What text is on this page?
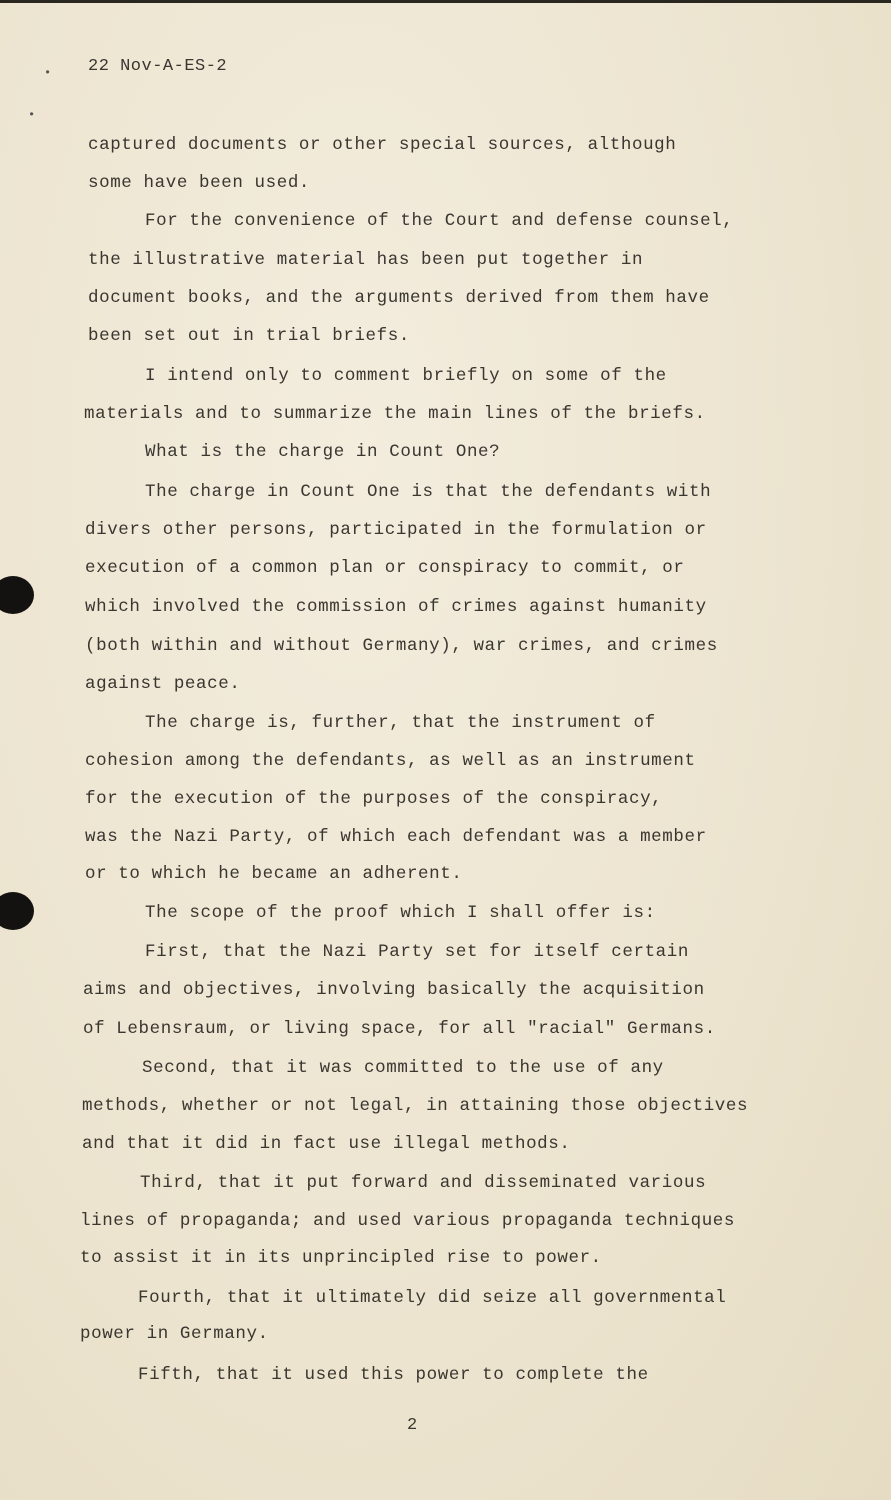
•
•
22 Nov-A-ES-2
captured documents or other special sources, although
some have been used.
For the convenience of the Court and defense counsel,
the illustrative material has been put together in
document books, and the arguments derived from them have
been set out in trial briefs.
I intend only to comment briefly on some of the
materials and to summarize the main lines of the briefs.
What is the charge in Count One?
The charge in Count One is that the defendants with
divers other persons, participated in the formulation or
execution of a common plan or conspiracy to commit, or
which involved the commission of crimes against humanity
(both within and without Germany), war crimes, and crimes
against peace.
The charge is, further, that the instrument of
cohesion among the defendants, as well as an instrument
for the execution of the purposes of the conspiracy,
was the Nazi Party, of which each defendant was a member
or to which he became an adherent.
The scope of the proof which I shall offer is:
First, that the Nazi Party set for itself certain
aims and objectives, involving basically the acquisition
of Lebensraum, or living space, for all "racial" Germans.
Second, that it was committed to the use of any
methods, whether or not legal, in attaining those objectives
and that it did in fact use illegal methods.
Third, that it put forward and disseminated various
lines of propaganda; and used various propaganda techniques
to assist it in its unprincipled rise to power.
Fourth, that it ultimately did seize all governmental
power in Germany.
Fifth, that it used this power to complete the
2
